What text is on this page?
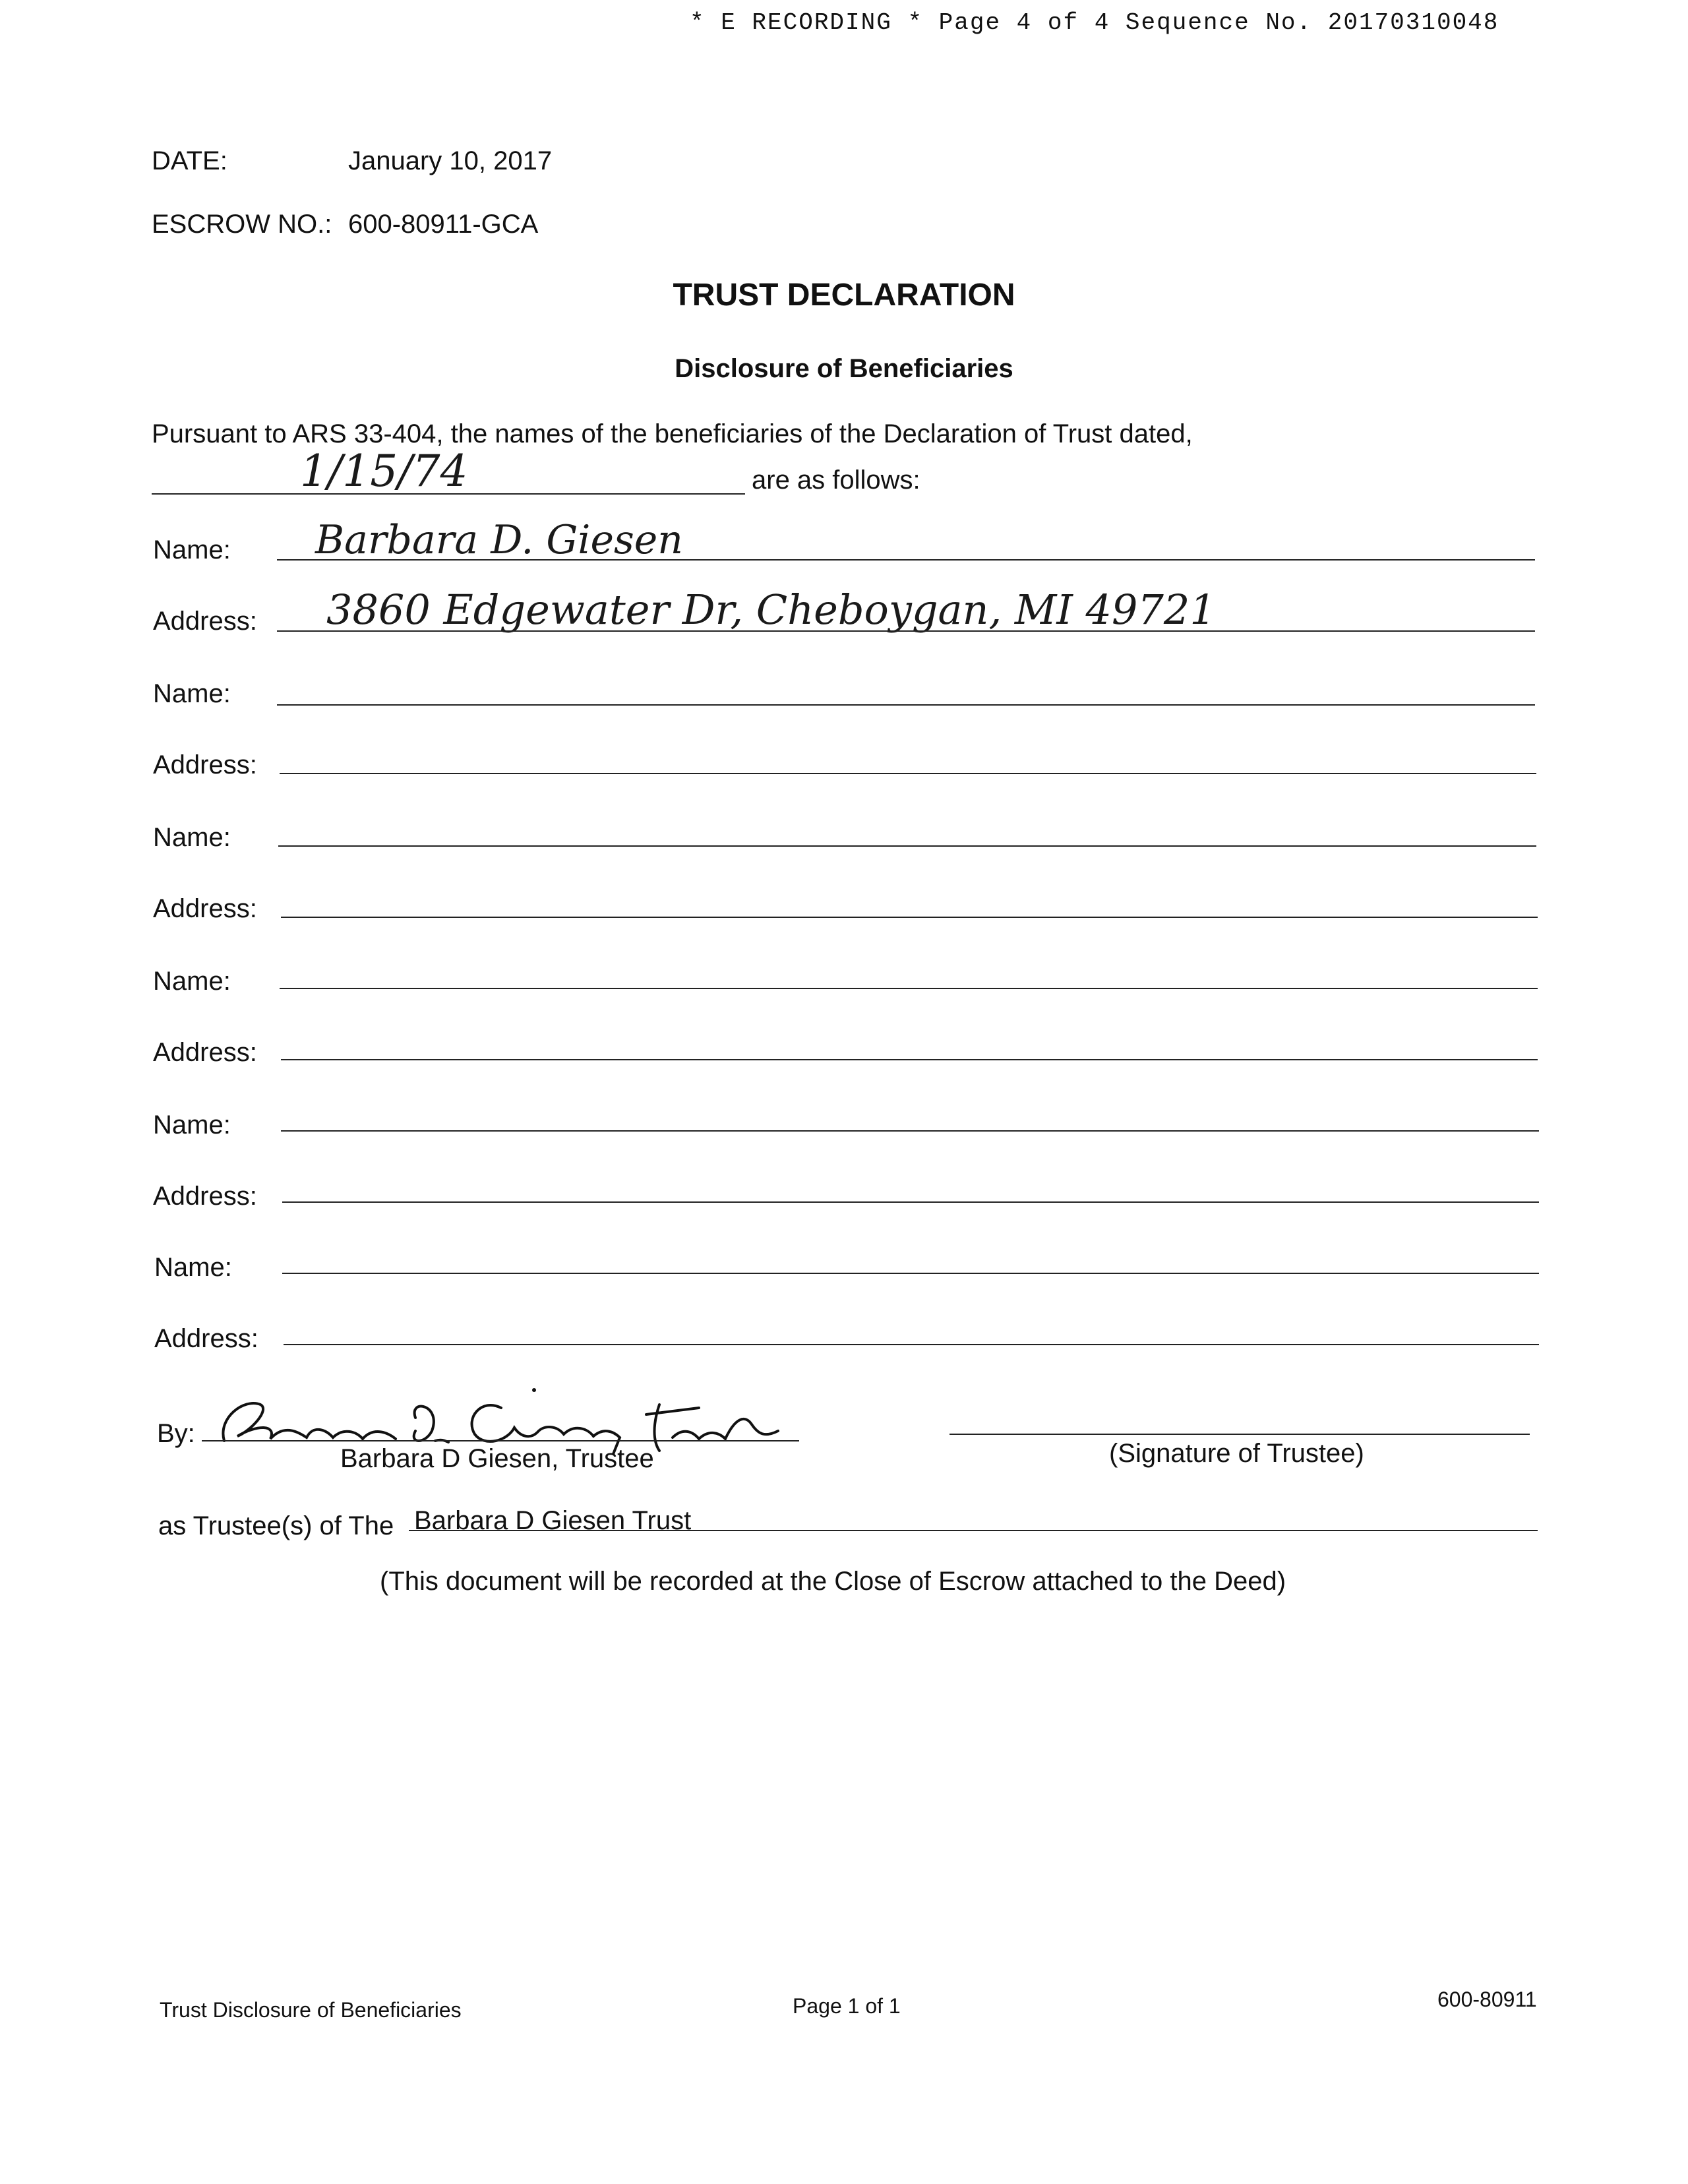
* E RECORDING * Page 4 of 4 Sequence No. 20170310048
DATE:	January 10, 2017
ESCROW NO.: 600-80911-GCA
TRUST DECLARATION
Disclosure of Beneficiaries
Pursuant to ARS 33-404, the names of the beneficiaries of the Declaration of Trust dated,
1/15/74	are as follows:
Name: Barbara D. Giesen
Address: 3860 Edgewater Dr, Cheboygan, MI 49721
Name:
Address:
Name:
Address:
Name:
Address:
Name:
Address:
Name:
Address:
By:
Barbara D Giesen, Trustee	(Signature of Trustee)
as Trustee(s) of The Barbara D Giesen Trust
(This document will be recorded at the Close of Escrow attached to the Deed)
Trust Disclosure of Beneficiaries	Page 1 of 1	600-80911
